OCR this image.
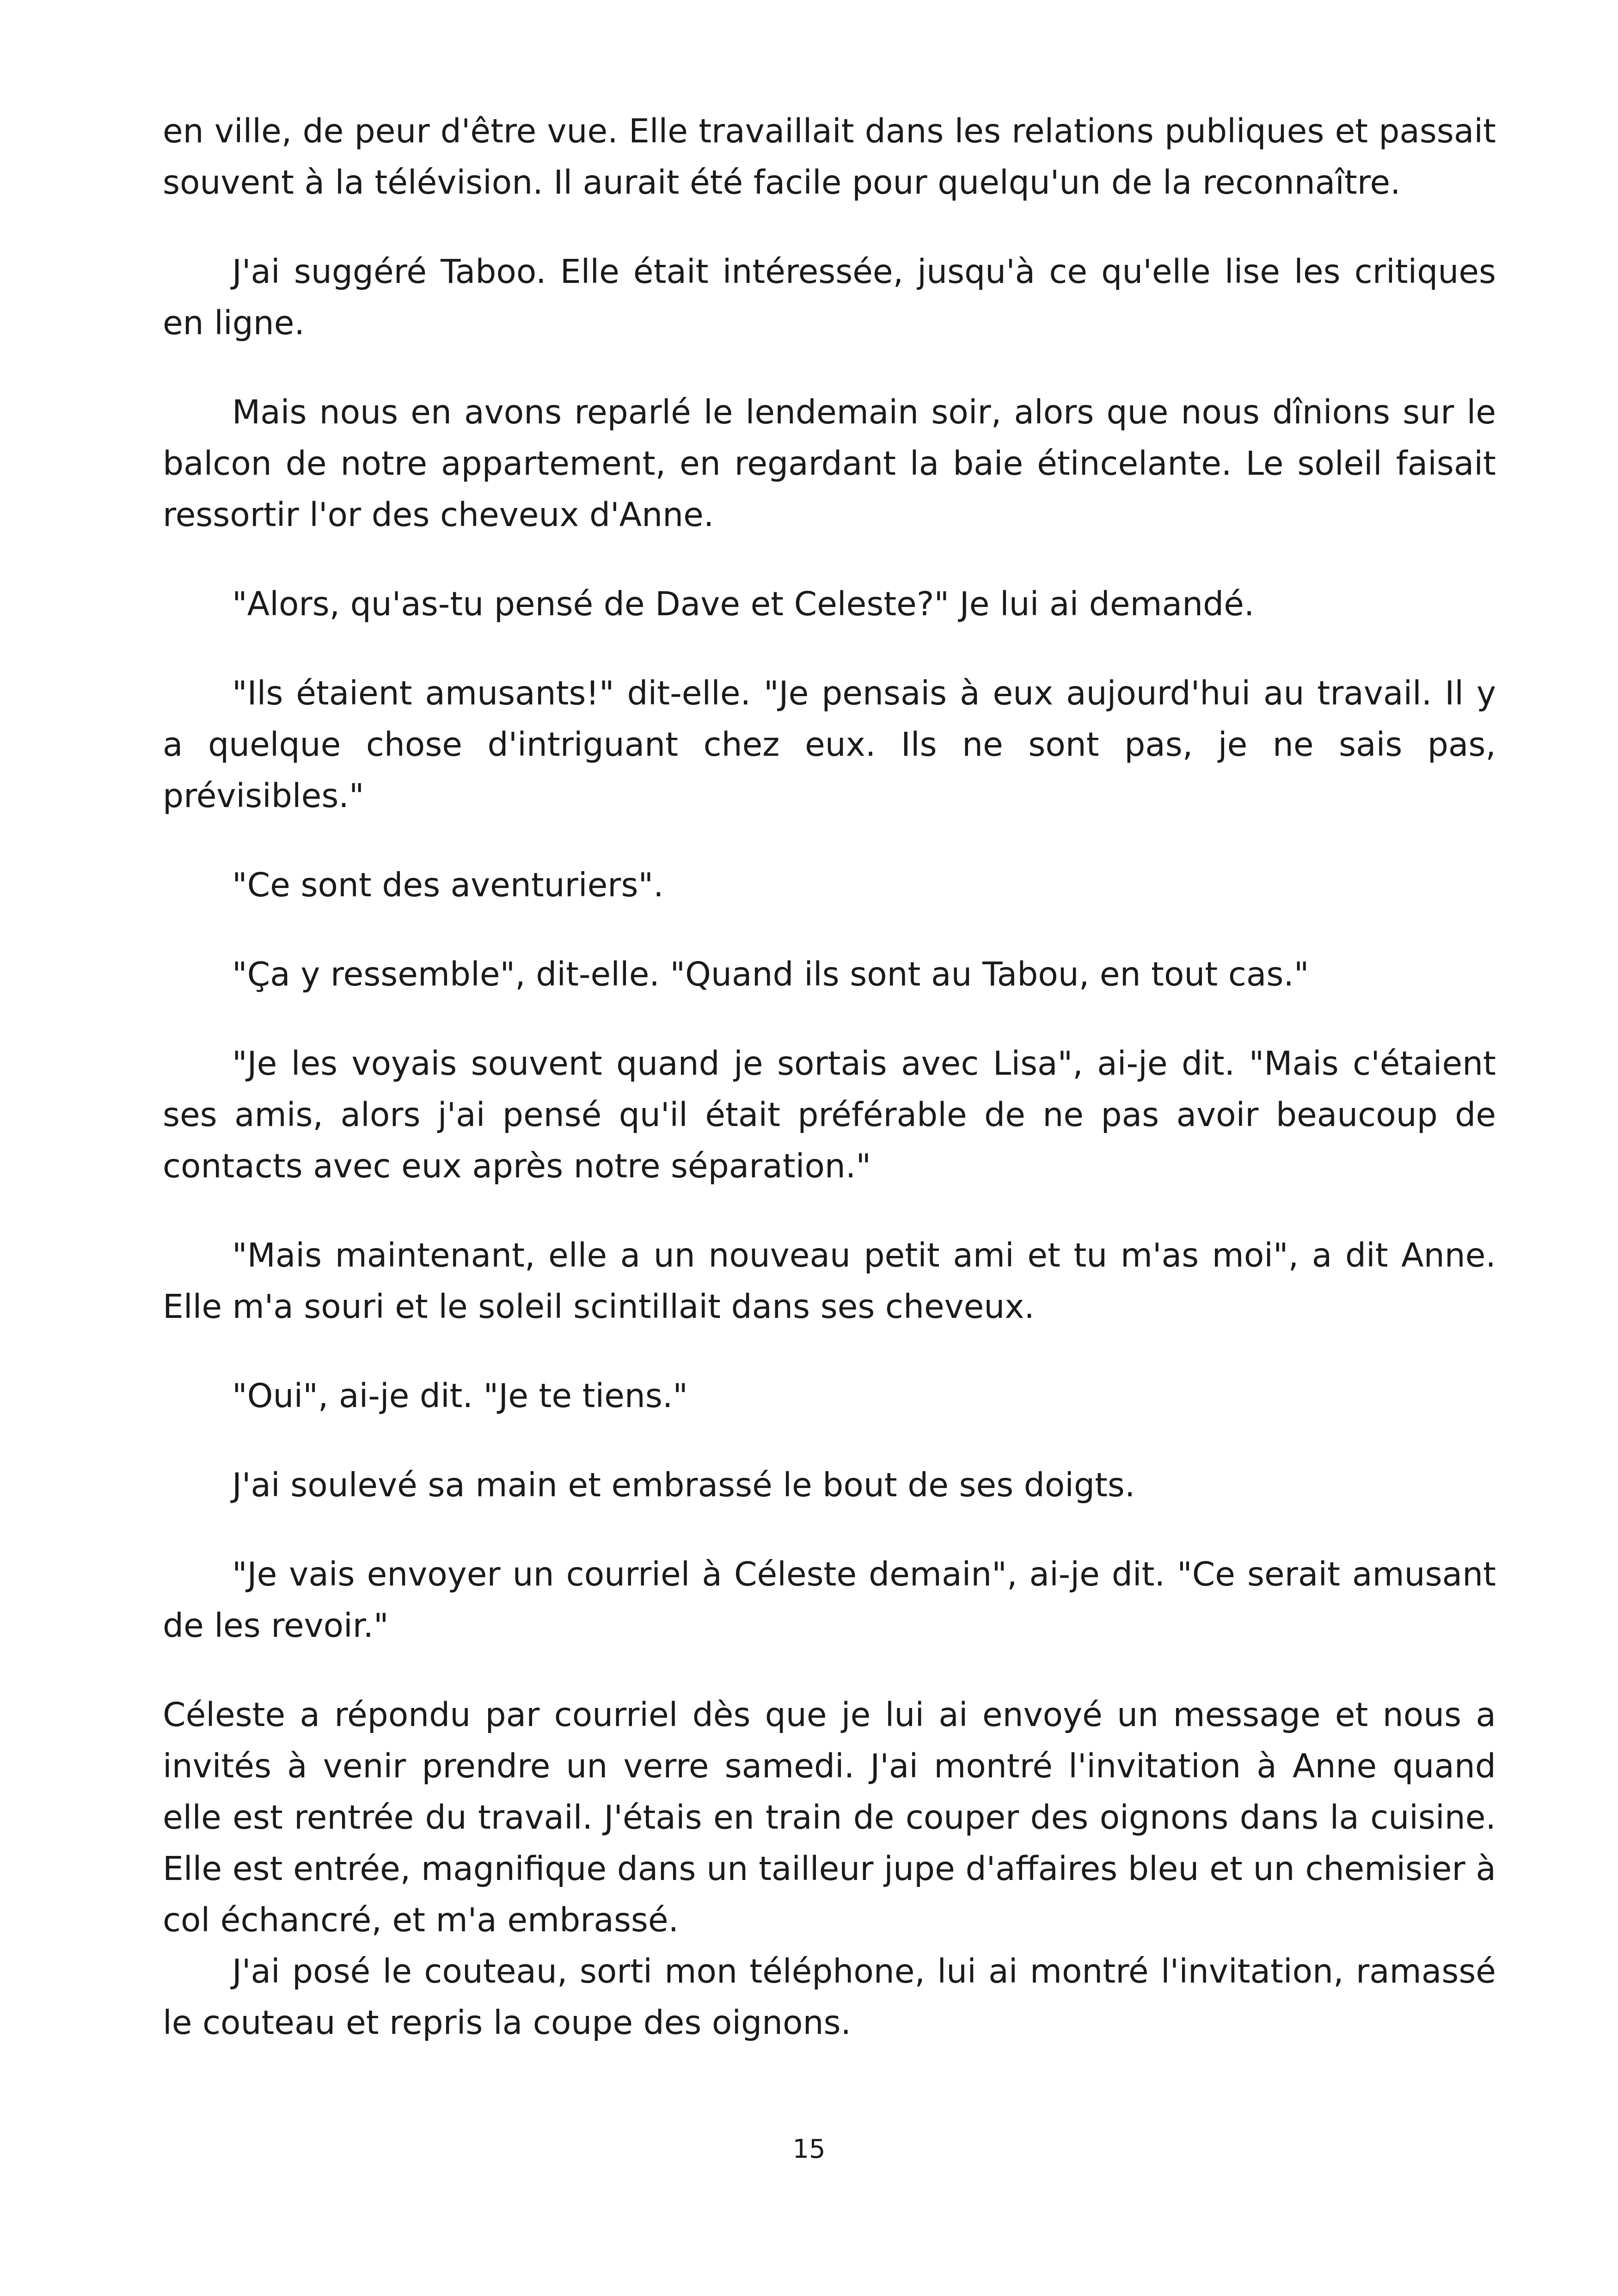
en ville, de peur d'être vue. Elle travaillait dans les relations publiques et passait souvent à la télévision. Il aurait été facile pour quelqu'un de la reconnaître.

J'ai suggéré Taboo. Elle était intéressée, jusqu'à ce qu'elle lise les critiques en ligne.

Mais nous en avons reparlé le lendemain soir, alors que nous dînions sur le balcon de notre appartement, en regardant la baie étincelante. Le soleil faisait ressortir l'or des cheveux d'Anne.

"Alors, qu'as-tu pensé de Dave et Celeste?" Je lui ai demandé.

"Ils étaient amusants!" dit-elle. "Je pensais à eux aujourd'hui au travail. Il y a quelque chose d'intriguant chez eux. Ils ne sont pas, je ne sais pas, prévisibles."

"Ce sont des aventuriers".

"Ça y ressemble", dit-elle. "Quand ils sont au Tabou, en tout cas."

"Je les voyais souvent quand je sortais avec Lisa", ai-je dit. "Mais c'étaient ses amis, alors j'ai pensé qu'il était préférable de ne pas avoir beaucoup de contacts avec eux après notre séparation."

"Mais maintenant, elle a un nouveau petit ami et tu m'as moi", a dit Anne. Elle m'a souri et le soleil scintillait dans ses cheveux.

"Oui", ai-je dit. "Je te tiens."

J'ai soulevé sa main et embrassé le bout de ses doigts.

"Je vais envoyer un courriel à Céleste demain", ai-je dit. "Ce serait amusant de les revoir."

Céleste a répondu par courriel dès que je lui ai envoyé un message et nous a invités à venir prendre un verre samedi. J'ai montré l'invitation à Anne quand elle est rentrée du travail. J'étais en train de couper des oignons dans la cuisine. Elle est entrée, magnifique dans un tailleur jupe d'affaires bleu et un chemisier à col échancré, et m'a embrassé.

J'ai posé le couteau, sorti mon téléphone, lui ai montré l'invitation, ramassé le couteau et repris la coupe des oignons.

15
